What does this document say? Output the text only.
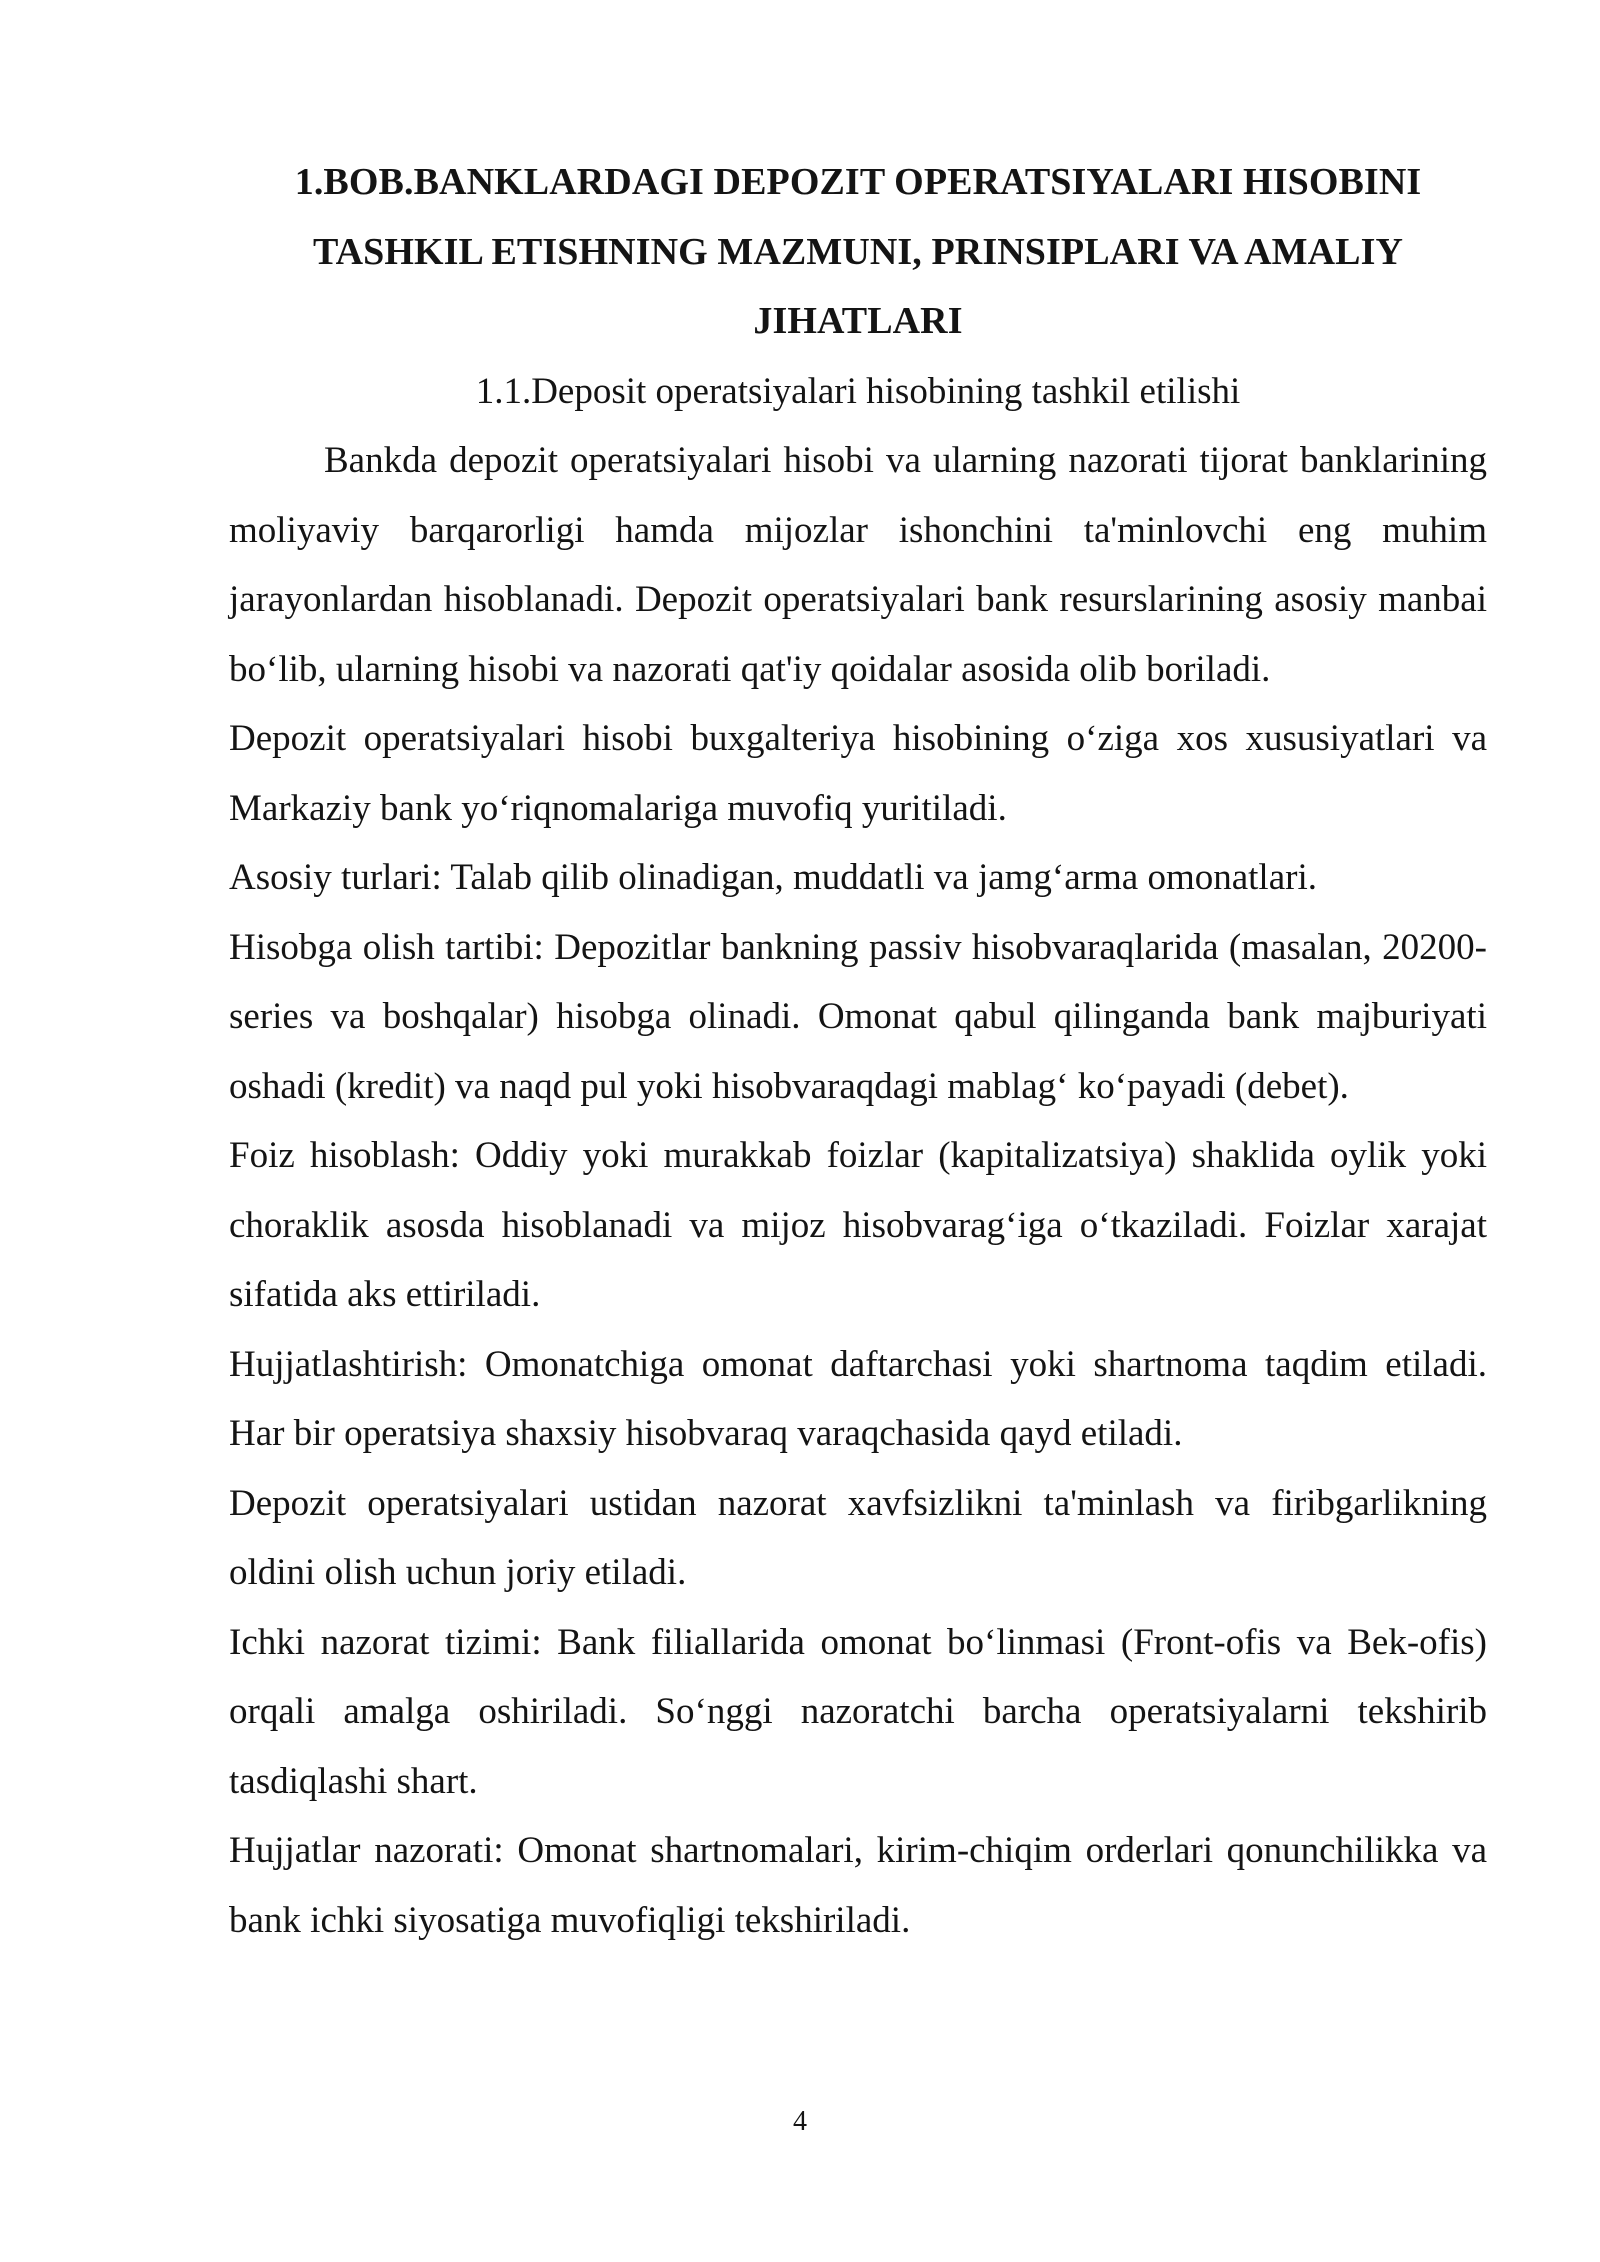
1.BOB.BANKLARDAGI DEPOZIT OPERATSIYALARI HISOBINI
TASHKIL ETISHNING MAZMUNI, PRINSIPLARI VA AMALIY
JIHATLARI
1.1.Deposit operatsiyalari hisobining tashkil etilishi

Bankda depozit operatsiyalari hisobi va ularning nazorati tijorat banklarining moliyaviy barqarorligi hamda mijozlar ishonchini ta'minlovchi eng muhim jarayonlardan hisoblanadi. Depozit operatsiyalari bank resurslarining asosiy manbai bo‘lib, ularning hisobi va nazorati qat'iy qoidalar asosida olib boriladi.

Depozit operatsiyalari hisobi buxgalteriya hisobining o‘ziga xos xususiyatlari va Markaziy bank yo‘riqnomalariga muvofiq yuritiladi.

Asosiy turlari: Talab qilib olinadigan, muddatli va jamg‘arma omonatlari.

Hisobga olish tartibi: Depozitlar bankning passiv hisobvaraqlarida (masalan, 20200-series va boshqalar) hisobga olinadi. Omonat qabul qilinganda bank majburiyati oshadi (kredit) va naqd pul yoki hisobvaraqdagi mablag‘ ko‘payadi (debet).

Foiz hisoblash: Oddiy yoki murakkab foizlar (kapitalizatsiya) shaklida oylik yoki choraklik asosda hisoblanadi va mijoz hisobvarag‘iga o‘tkaziladi. Foizlar xarajat sifatida aks ettiriladi.

Hujjatlashtirish: Omonatchiga omonat daftarchasi yoki shartnoma taqdim etiladi. Har bir operatsiya shaxsiy hisobvaraq varaqchasida qayd etiladi.

Depozit operatsiyalari ustidan nazorat xavfsizlikni ta'minlash va firibgarlikning oldini olish uchun joriy etiladi.

Ichki nazorat tizimi: Bank filiallarida omonat bo‘linmasi (Front-ofis va Bek-ofis) orqali amalga oshiriladi. So‘nggi nazoratchi barcha operatsiyalarni tekshirib tasdiqlashi shart.

Hujjatlar nazorati: Omonat shartnomalari, kirim-chiqim orderlari qonunchilikka va bank ichki siyosatiga muvofiqligi tekshiriladi.

4
